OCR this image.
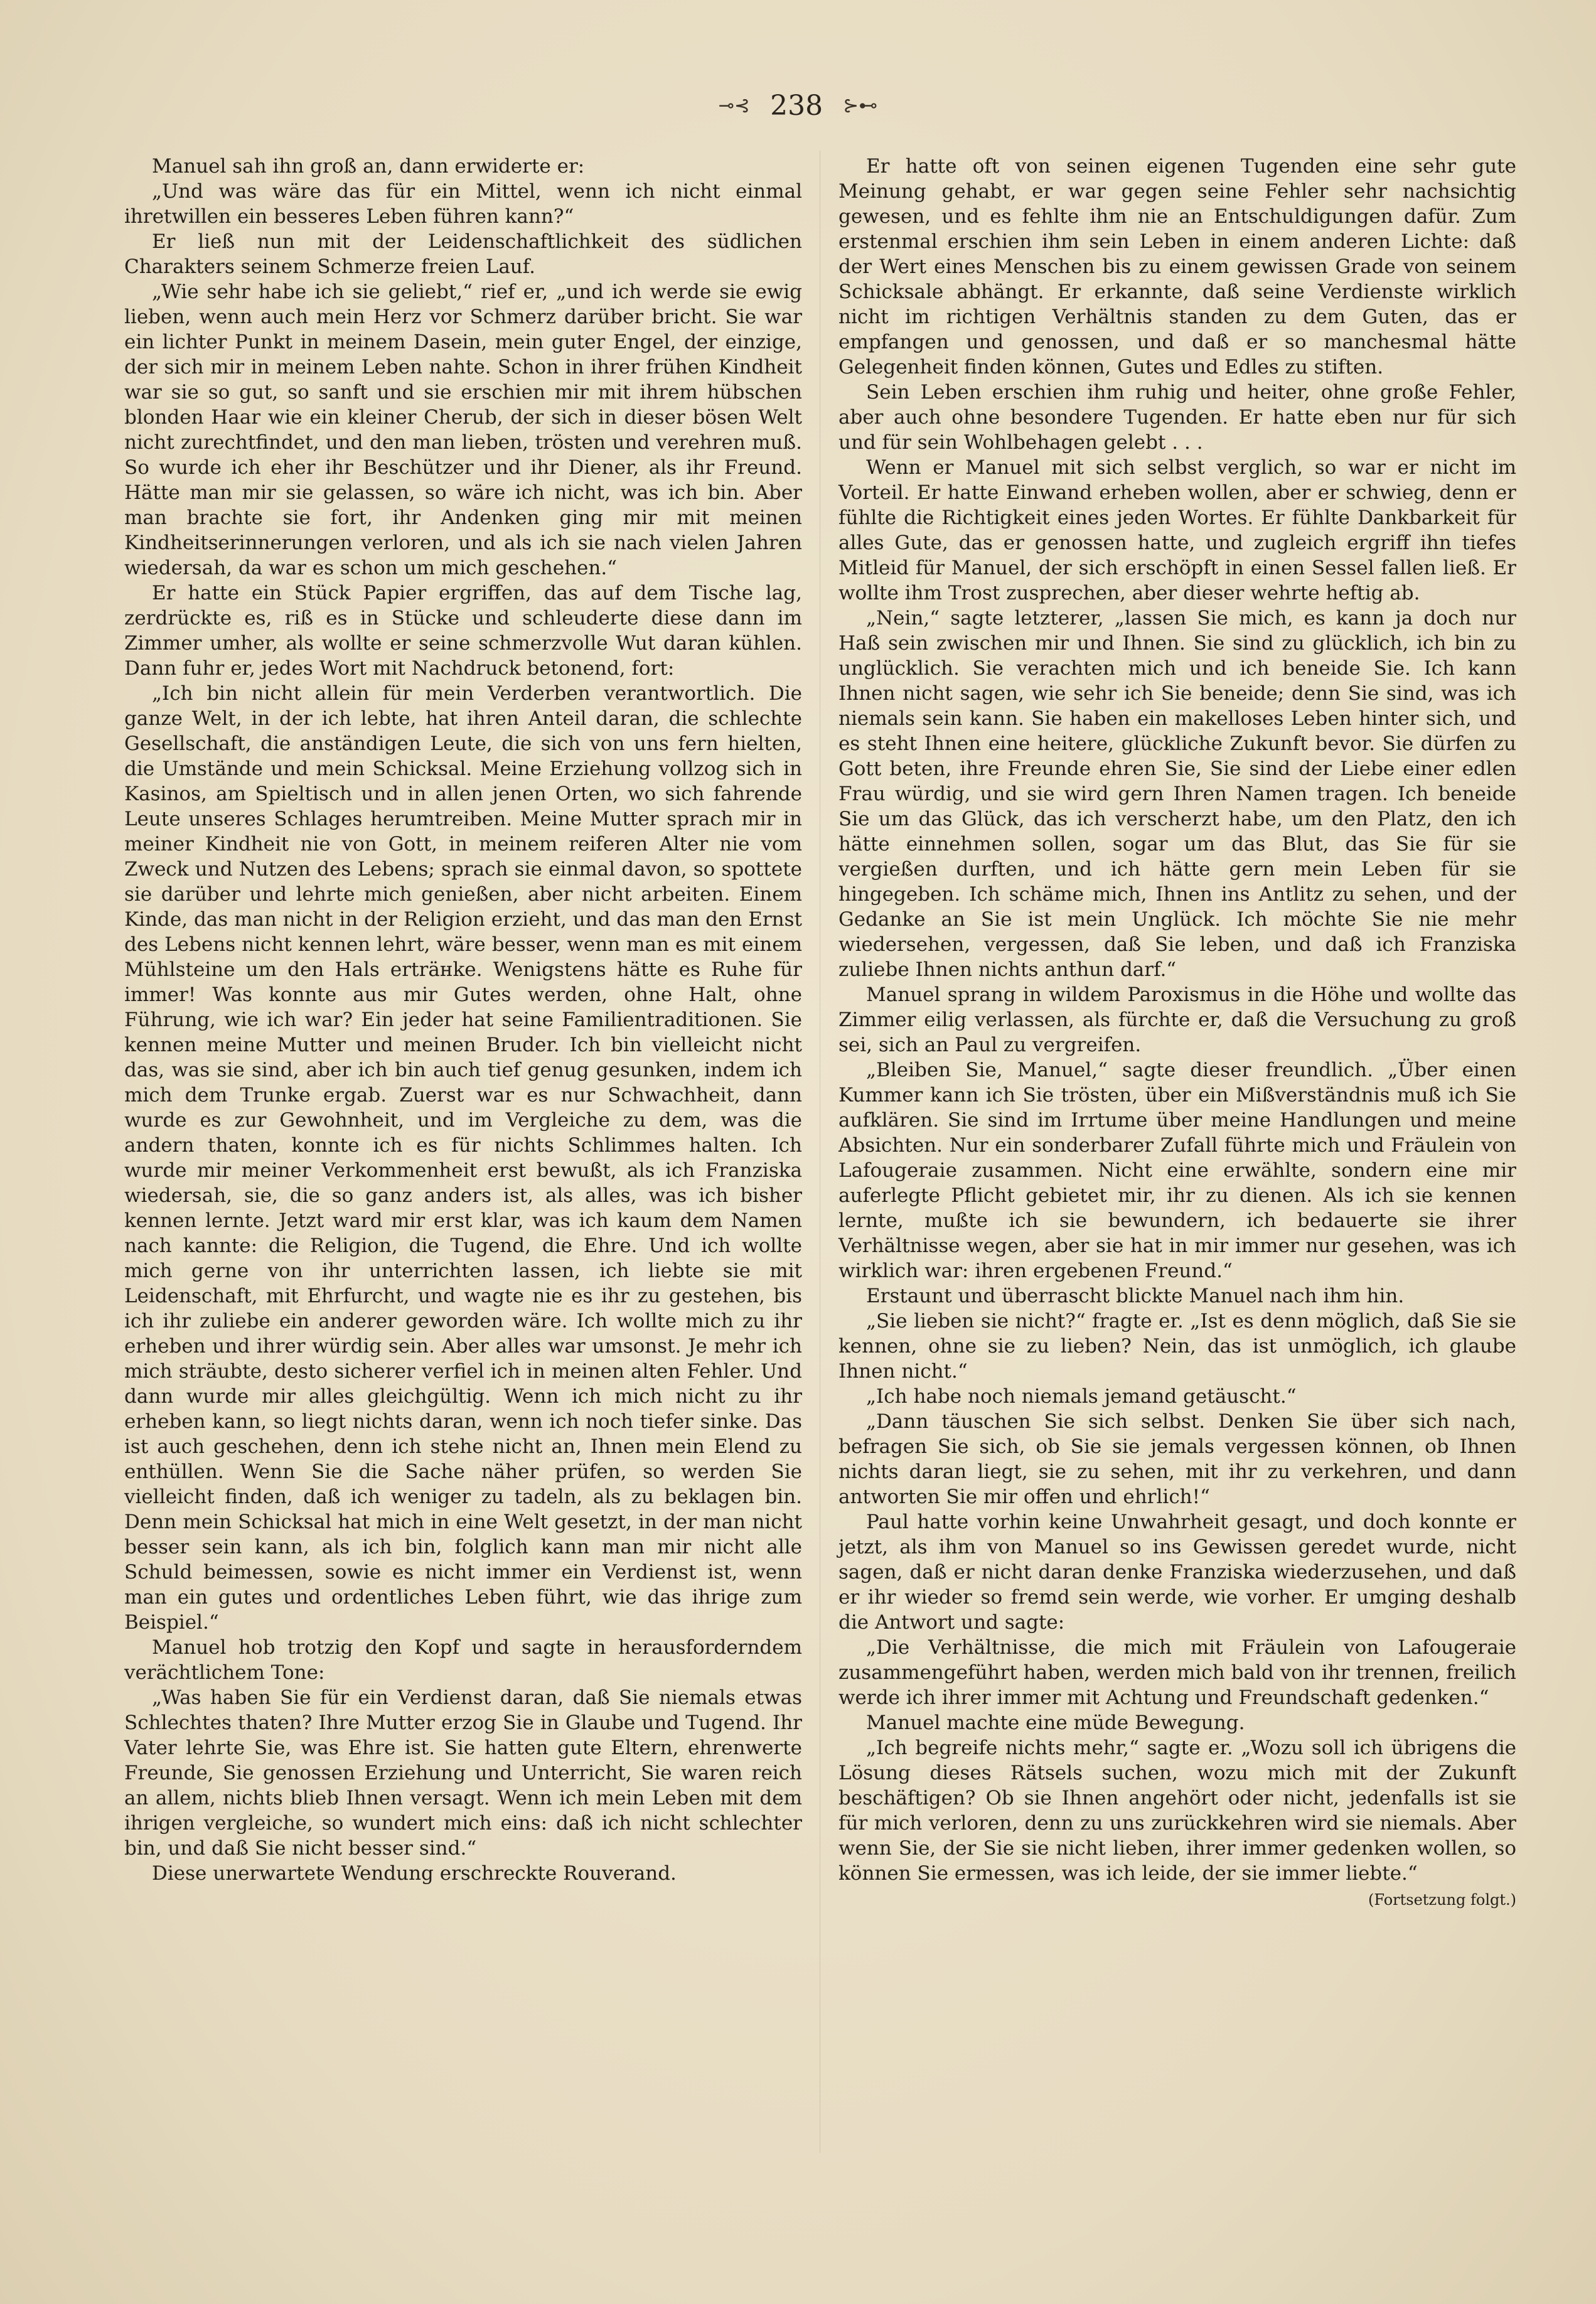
⊸⊰ 238 ⊱⊷

Manuel sah ihn groß an, dann erwiderte er:

„Und was wäre das für ein Mittel, wenn ich nicht einmal ihretwillen ein besseres Leben führen kann?“

Er ließ nun mit der Leidenschaftlichkeit des südlichen Charakters seinem Schmerze freien Lauf.

„Wie sehr habe ich sie geliebt,“ rief er, „und ich werde sie ewig lieben, wenn auch mein Herz vor Schmerz darüber bricht. Sie war ein lichter Punkt in meinem Dasein, mein guter Engel, der einzige, der sich mir in meinem Leben nahte. Schon in ihrer frühen Kindheit war sie so gut, so sanft und sie erschien mir mit ihrem hübschen blonden Haar wie ein kleiner Cherub, der sich in dieser bösen Welt nicht zurechtfindet, und den man lieben, trösten und verehren muß. So wurde ich eher ihr Beschützer und ihr Diener, als ihr Freund. Hätte man mir sie gelassen, so wäre ich nicht, was ich bin. Aber man brachte sie fort, ihr Andenken ging mir mit meinen Kindheitserinnerungen verloren, und als ich sie nach vielen Jahren wiedersah, da war es schon um mich geschehen.“

Er hatte ein Stück Papier ergriffen, das auf dem Tische lag, zerdrückte es, riß es in Stücke und schleuderte diese dann im Zimmer umher, als wollte er seine schmerzvolle Wut daran kühlen. Dann fuhr er, jedes Wort mit Nachdruck betonend, fort:

„Ich bin nicht allein für mein Verderben verantwortlich. Die ganze Welt, in der ich lebte, hat ihren Anteil daran, die schlechte Gesellschaft, die anständigen Leute, die sich von uns fern hielten, die Umstände und mein Schicksal. Meine Erziehung vollzog sich in Kasinos, am Spieltisch und in allen jenen Orten, wo sich fahrende Leute unseres Schlages herumtreiben. Meine Mutter sprach mir in meiner Kindheit nie von Gott, in meinem reiferen Alter nie vom Zweck und Nutzen des Lebens; sprach sie einmal davon, so spottete sie darüber und lehrte mich genießen, aber nicht arbeiten. Einem Kinde, das man nicht in der Religion erzieht, und das man den Ernst des Lebens nicht kennen lehrt, wäre besser, wenn man es mit einem Mühlsteine um den Hals erträнke. Wenigstens hätte es Ruhe für immer! Was konnte aus mir Gutes werden, ohne Halt, ohne Führung, wie ich war? Ein jeder hat seine Familientraditionen. Sie kennen meine Mutter und meinen Bruder. Ich bin vielleicht nicht das, was sie sind, aber ich bin auch tief genug gesunken, indem ich mich dem Trunke ergab. Zuerst war es nur Schwachheit, dann wurde es zur Gewohnheit, und im Vergleiche zu dem, was die andern thaten, konnte ich es für nichts Schlimmes halten. Ich wurde mir meiner Verkommenheit erst bewußt, als ich Franziska wiedersah, sie, die so ganz anders ist, als alles, was ich bisher kennen lernte. Jetzt ward mir erst klar, was ich kaum dem Namen nach kannte: die Religion, die Tugend, die Ehre. Und ich wollte mich gerne von ihr unterrichten lassen, ich liebte sie mit Leidenschaft, mit Ehrfurcht, und wagte nie es ihr zu gestehen, bis ich ihr zuliebe ein anderer geworden wäre. Ich wollte mich zu ihr erheben und ihrer würdig sein. Aber alles war umsonst. Je mehr ich mich sträubte, desto sicherer verfiel ich in meinen alten Fehler. Und dann wurde mir alles gleichgültig. Wenn ich mich nicht zu ihr erheben kann, so liegt nichts daran, wenn ich noch tiefer sinke. Das ist auch geschehen, denn ich stehe nicht an, Ihnen mein Elend zu enthüllen. Wenn Sie die Sache näher prüfen, so werden Sie vielleicht finden, daß ich weniger zu tadeln, als zu beklagen bin. Denn mein Schicksal hat mich in eine Welt gesetzt, in der man nicht besser sein kann, als ich bin, folglich kann man mir nicht alle Schuld beimessen, sowie es nicht immer ein Verdienst ist, wenn man ein gutes und ordentliches Leben führt, wie das ihrige zum Beispiel.“

Manuel hob trotzig den Kopf und sagte in herausforderndem verächtlichem Tone:

„Was haben Sie für ein Verdienst daran, daß Sie niemals etwas Schlechtes thaten? Ihre Mutter erzog Sie in Glaube und Tugend. Ihr Vater lehrte Sie, was Ehre ist. Sie hatten gute Eltern, ehrenwerte Freunde, Sie genossen Erziehung und Unterricht, Sie waren reich an allem, nichts blieb Ihnen versagt. Wenn ich mein Leben mit dem ihrigen vergleiche, so wundert mich eins: daß ich nicht schlechter bin, und daß Sie nicht besser sind.“

Diese unerwartete Wendung erschreckte Rouverand.

Er hatte oft von seinen eigenen Tugenden eine sehr gute Meinung gehabt, er war gegen seine Fehler sehr nachsichtig gewesen, und es fehlte ihm nie an Entschuldigungen dafür. Zum erstenmal erschien ihm sein Leben in einem anderen Lichte: daß der Wert eines Menschen bis zu einem gewissen Grade von seinem Schicksale abhängt. Er erkannte, daß seine Verdienste wirklich nicht im richtigen Verhältnis standen zu dem Guten, das er empfangen und genossen, und daß er so manchesmal hätte Gelegenheit finden können, Gutes und Edles zu stiften.

Sein Leben erschien ihm ruhig und heiter, ohne große Fehler, aber auch ohne besondere Tugenden. Er hatte eben nur für sich und für sein Wohlbehagen gelebt . . .

Wenn er Manuel mit sich selbst verglich, so war er nicht im Vorteil. Er hatte Einwand erheben wollen, aber er schwieg, denn er fühlte die Richtigkeit eines jeden Wortes. Er fühlte Dankbarkeit für alles Gute, das er genossen hatte, und zugleich ergriff ihn tiefes Mitleid für Manuel, der sich erschöpft in einen Sessel fallen ließ. Er wollte ihm Trost zusprechen, aber dieser wehrte heftig ab.

„Nein,“ sagte letzterer, „lassen Sie mich, es kann ja doch nur Haß sein zwischen mir und Ihnen. Sie sind zu glücklich, ich bin zu unglücklich. Sie verachten mich und ich beneide Sie. Ich kann Ihnen nicht sagen, wie sehr ich Sie beneide; denn Sie sind, was ich niemals sein kann. Sie haben ein makelloses Leben hinter sich, und es steht Ihnen eine heitere, glückliche Zukunft bevor. Sie dürfen zu Gott beten, ihre Freunde ehren Sie, Sie sind der Liebe einer edlen Frau würdig, und sie wird gern Ihren Namen tragen. Ich beneide Sie um das Glück, das ich verscherzt habe, um den Platz, den ich hätte einnehmen sollen, sogar um das Blut, das Sie für sie vergießen durften, und ich hätte gern mein Leben für sie hingegeben. Ich schäme mich, Ihnen ins Antlitz zu sehen, und der Gedanke an Sie ist mein Unglück. Ich möchte Sie nie mehr wiedersehen, vergessen, daß Sie leben, und daß ich Franziska zuliebe Ihnen nichts anthun darf.“

Manuel sprang in wildem Paroxismus in die Höhe und wollte das Zimmer eilig verlassen, als fürchte er, daß die Versuchung zu groß sei, sich an Paul zu vergreifen.

„Bleiben Sie, Manuel,“ sagte dieser freundlich. „Über einen Kummer kann ich Sie trösten, über ein Mißverständnis muß ich Sie aufklären. Sie sind im Irrtume über meine Handlungen und meine Absichten. Nur ein sonderbarer Zufall führte mich und Fräulein von Lafougeraie zusammen. Nicht eine erwählte, sondern eine mir auferlegte Pflicht gebietet mir, ihr zu dienen. Als ich sie kennen lernte, mußte ich sie bewundern, ich bedauerte sie ihrer Verhältnisse wegen, aber sie hat in mir immer nur gesehen, was ich wirklich war: ihren ergebenen Freund.“

Erstaunt und überrascht blickte Manuel nach ihm hin.

„Sie lieben sie nicht?“ fragte er. „Ist es denn möglich, daß Sie sie kennen, ohne sie zu lieben? Nein, das ist unmöglich, ich glaube Ihnen nicht.“

„Ich habe noch niemals jemand getäuscht.“

„Dann täuschen Sie sich selbst. Denken Sie über sich nach, befragen Sie sich, ob Sie sie jemals vergessen können, ob Ihnen nichts daran liegt, sie zu sehen, mit ihr zu verkehren, und dann antworten Sie mir offen und ehrlich!“

Paul hatte vorhin keine Unwahrheit gesagt, und doch konnte er jetzt, als ihm von Manuel so ins Gewissen geredet wurde, nicht sagen, daß er nicht daran denke Franziska wiederzusehen, und daß er ihr wieder so fremd sein werde, wie vorher. Er umging deshalb die Antwort und sagte:

„Die Verhältnisse, die mich mit Fräulein von Lafougeraie zusammengeführt haben, werden mich bald von ihr trennen, freilich werde ich ihrer immer mit Achtung und Freundschaft gedenken.“

Manuel machte eine müde Bewegung.

„Ich begreife nichts mehr,“ sagte er. „Wozu soll ich übrigens die Lösung dieses Rätsels suchen, wozu mich mit der Zukunft beschäftigen? Ob sie Ihnen angehört oder nicht, jedenfalls ist sie für mich verloren, denn zu uns zurückkehren wird sie niemals. Aber wenn Sie, der Sie sie nicht lieben, ihrer immer gedenken wollen, so können Sie ermessen, was ich leide, der sie immer liebte.“

(Fortsetzung folgt.)
